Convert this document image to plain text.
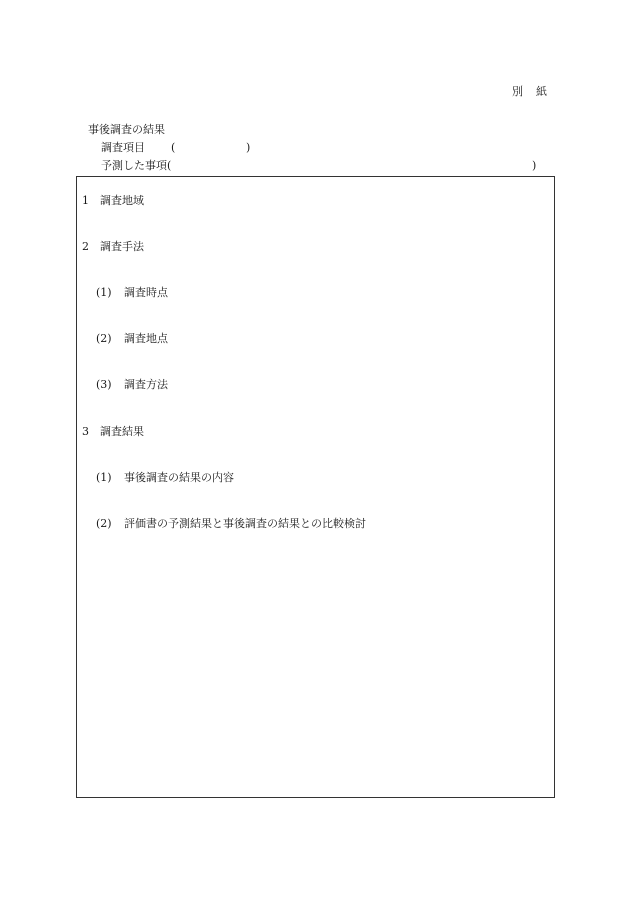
別 紙
事後調査の結果
調査項目 (	)
予測した事項(	)
1 調査地域
2 調査手法
(1) 調査時点
(2) 調査地点
(3) 調査方法
3 調査結果
(1) 事後調査の結果の内容
(2) 評価書の予測結果と事後調査の結果との比較検討
